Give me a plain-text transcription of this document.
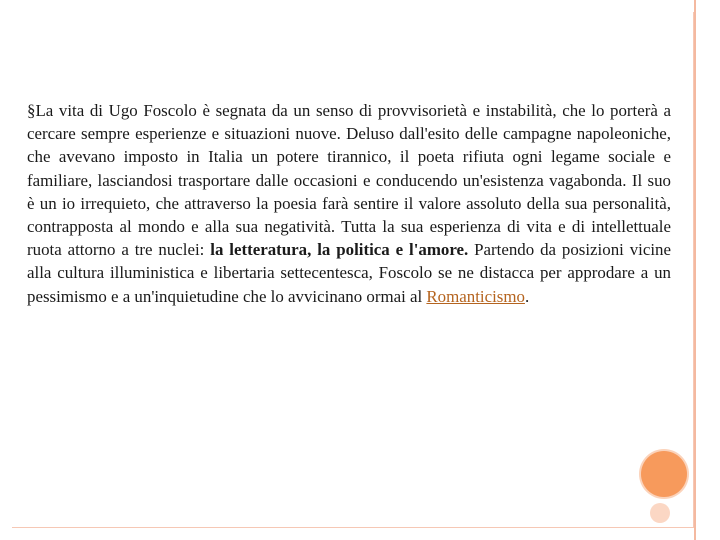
§La vita di Ugo Foscolo è segnata da un senso di provvisorietà e instabilità, che lo porterà a cercare sempre esperienze e situazioni nuove. Deluso dall'esito delle campagne napoleoniche, che avevano imposto in Italia un potere tirannico, il poeta rifiuta ogni legame sociale e familiare, lasciandosi trasportare dalle occasioni e conducendo un'esistenza vagabonda. Il suo è un io irrequieto, che attraverso la poesia farà sentire il valore assoluto della sua personalità, contrapposta al mondo e alla sua negatività. Tutta la sua esperienza di vita e di intellettuale ruota attorno a tre nuclei: la letteratura, la politica e l'amore. Partendo da posizioni vicine alla cultura illuministica e libertaria settecentesca, Foscolo se ne distacca per approdare a un pessimismo e a un'inquietudine che lo avvicinano ormai al Romanticismo.
